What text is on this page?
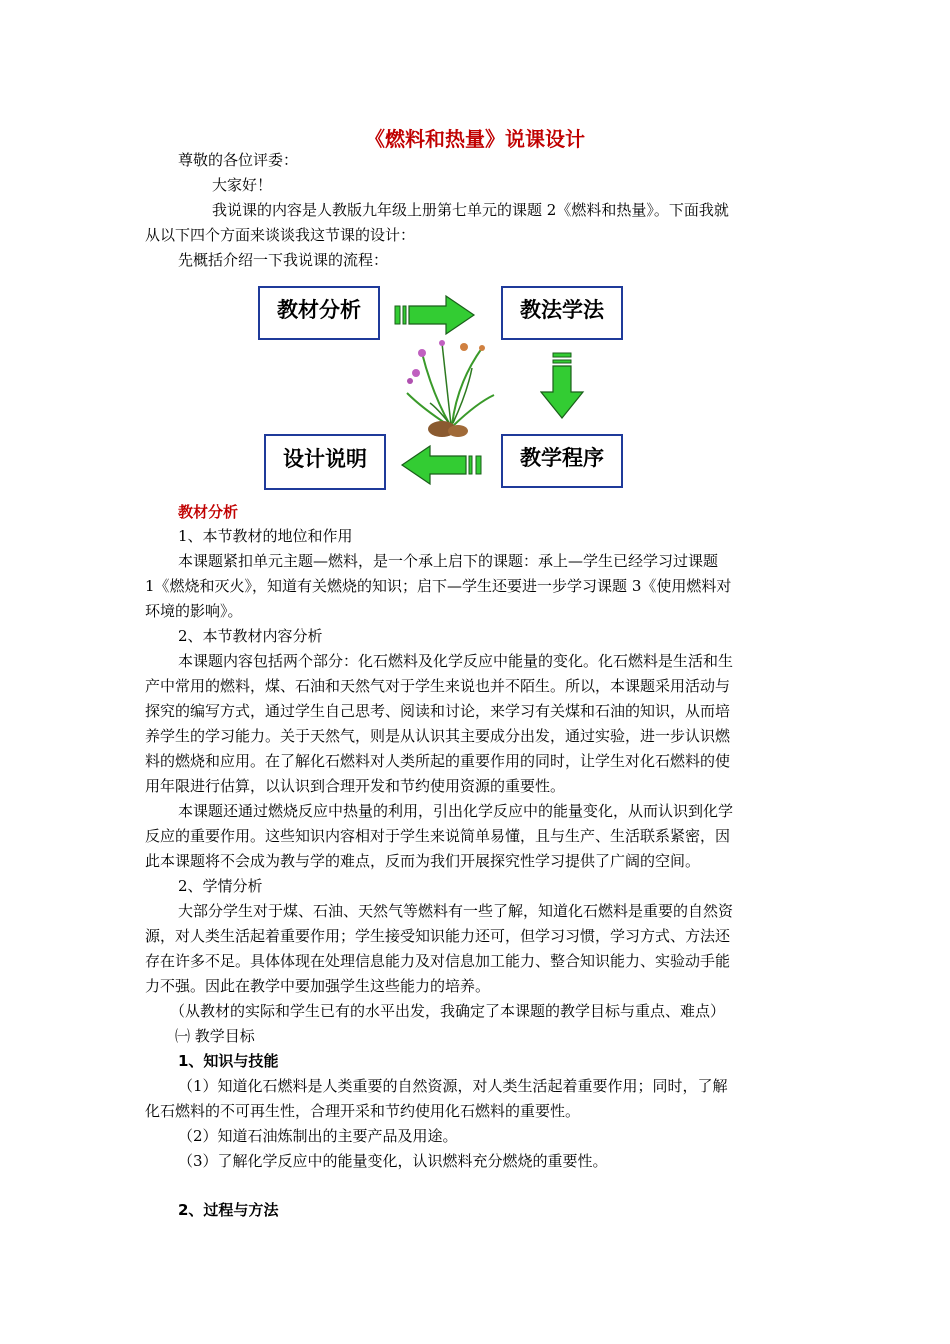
《燃料和热量》说课设计
尊敬的各位评委：
大家好！
我说课的内容是人教版九年级上册第七单元的课题 2《燃料和热量》。下面我就
从以下四个方面来谈谈我这节课的设计：
先概括介绍一下我说课的流程：
教材分析	教法学法
教学程序
设计说明
教材分析
1、本节教材的地位和作用
本课题紧扣单元主题—燃料，是一个承上启下的课题：承上—学生已经学习过课题
1《燃烧和灭火》，知道有关燃烧的知识；启下—学生还要进一步学习课题 3《使用燃料对
环境的影响》。
2、本节教材内容分析
本课题内容包括两个部分：化石燃料及化学反应中能量的变化。化石燃料是生活和生
产中常用的燃料，煤、石油和天然气对于学生来说也并不陌生。所以，本课题采用活动与
探究的编写方式，通过学生自己思考、阅读和讨论，来学习有关煤和石油的知识，从而培
养学生的学习能力。关于天然气，则是从认识其主要成分出发，通过实验，进一步认识燃
料的燃烧和应用。在了解化石燃料对人类所起的重要作用的同时，让学生对化石燃料的使
用年限进行估算，以认识到合理开发和节约使用资源的重要性。
本课题还通过燃烧反应中热量的利用，引出化学反应中的能量变化，从而认识到化学
反应的重要作用。这些知识内容相对于学生来说简单易懂，且与生产、生活联系紧密，因
此本课题将不会成为教与学的难点，反而为我们开展探究性学习提供了广阔的空间。
2、学情分析
大部分学生对于煤、石油、天然气等燃料有一些了解，知道化石燃料是重要的自然资
源，对人类生活起着重要作用；学生接受知识能力还可，但学习习惯，学习方式、方法还
存在许多不足。具体体现在处理信息能力及对信息加工能力、整合知识能力、实验动手能
力不强。因此在教学中要加强学生这些能力的培养。
（从教材的实际和学生已有的水平出发，我确定了本课题的教学目标与重点、难点）
㈠ 教学目标
1、知识与技能
（1）知道化石燃料是人类重要的自然资源，对人类生活起着重要作用；同时，了解
化石燃料的不可再生性，合理开采和节约使用化石燃料的重要性。
（2）知道石油炼制出的主要产品及用途。
（3）了解化学反应中的能量变化，认识燃料充分燃烧的重要性。
2、过程与方法
